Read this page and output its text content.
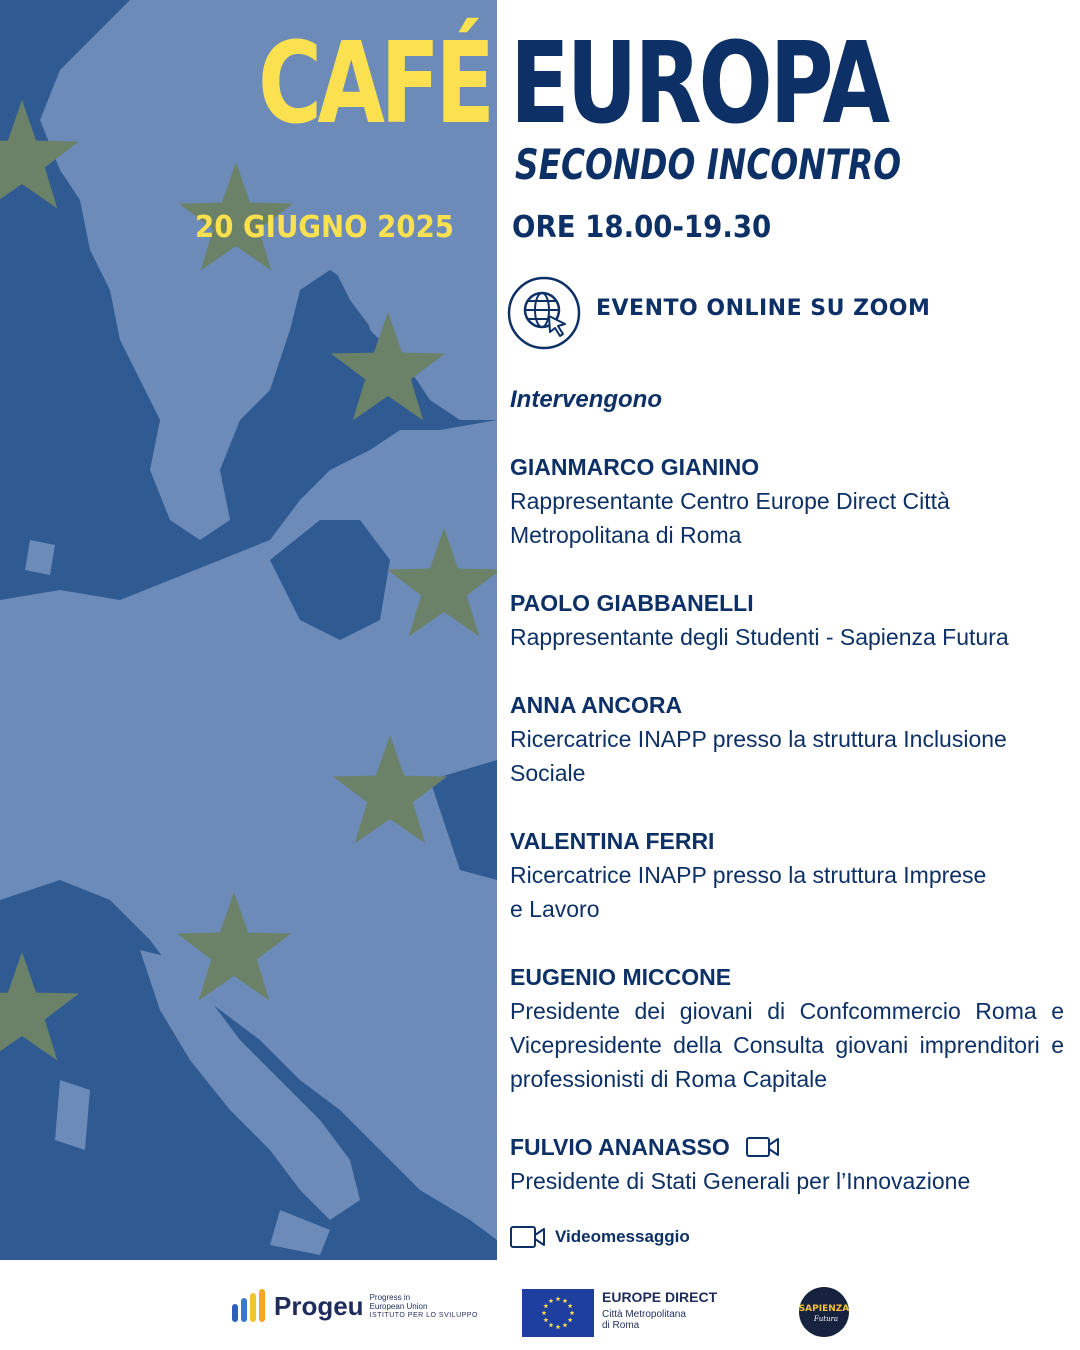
CAFÉ EUROPA
SECONDO INCONTRO
20 GIUGNO 2025 ORE 18.00-19.30
EVENTO ONLINE SU ZOOM
Intervengono
GIANMARCO GIANINO
Rappresentante Centro Europe Direct Città
Metropolitana di Roma
PAOLO GIABBANELLI
Rappresentante degli Studenti - Sapienza Futura
ANNA ANCORA
Ricercatrice INAPP presso la struttura Inclusione
Sociale
VALENTINA FERRI
Ricercatrice INAPP presso la struttura Imprese
e Lavoro
EUGENIO MICCONE
Presidente dei giovani di Confcommercio Roma e Vicepresidente della Consulta giovani imprenditori e professionisti di Roma Capitale
FULVIO ANANASSO
Presidente di Stati Generali per l’Innovazione
Videomessaggio
Progeu Progress in
European Union
ISTITUTO PER LO SVILUPPO
EUROPE DIRECT
Città Metropolitana
di Roma
SAPIENZA
Futura
